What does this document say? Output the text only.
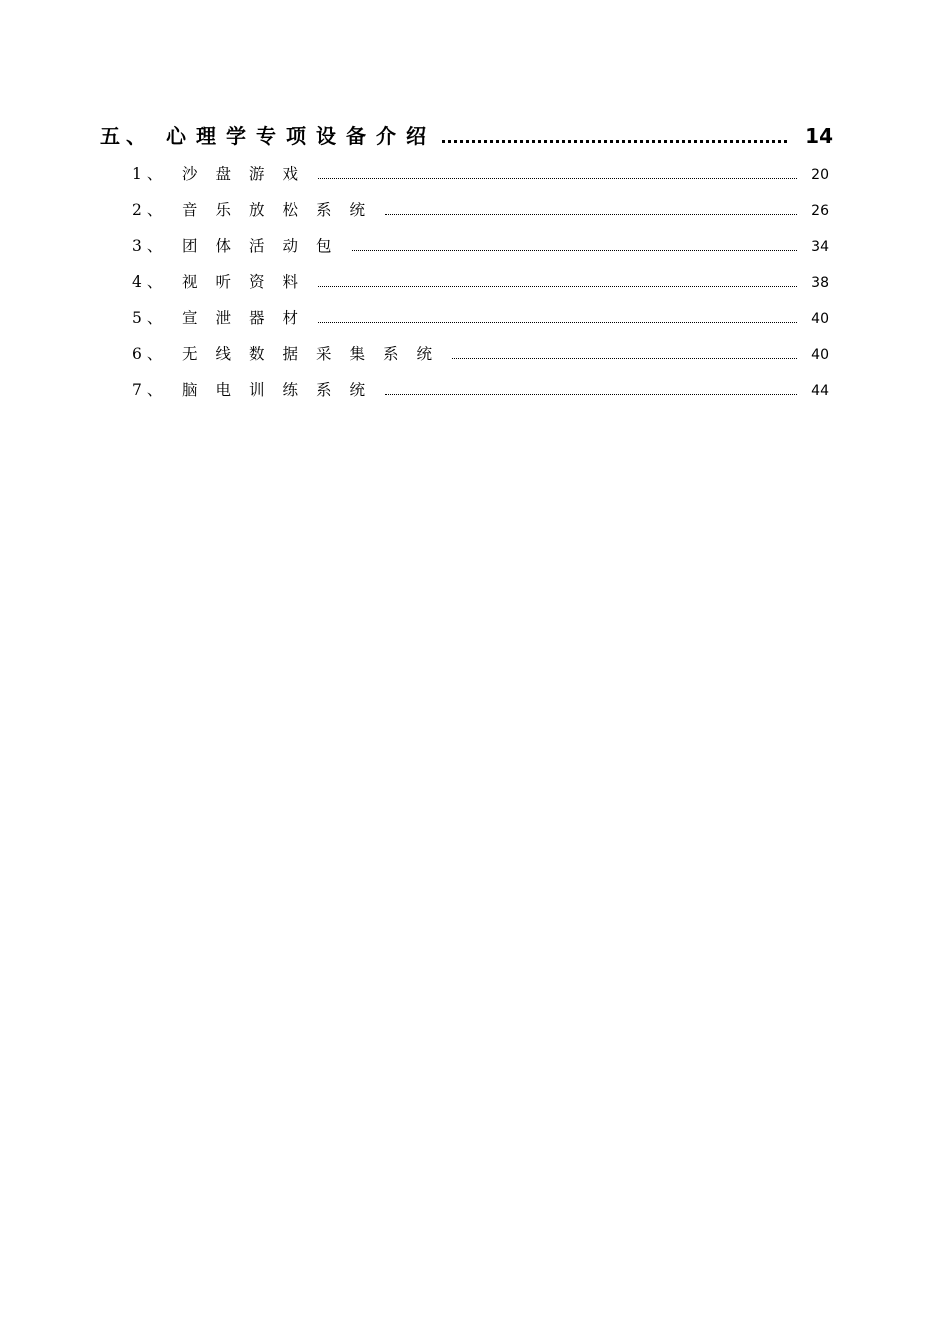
五、 心理学专项设备介绍	14
1、 沙盘游戏	20
2、 音乐放松系统	26
3、 团体活动包	34
4、 视听资料	38
5、 宣泄器材	40
6、 无线数据采集系统	40
7、 脑电训练系统	44
